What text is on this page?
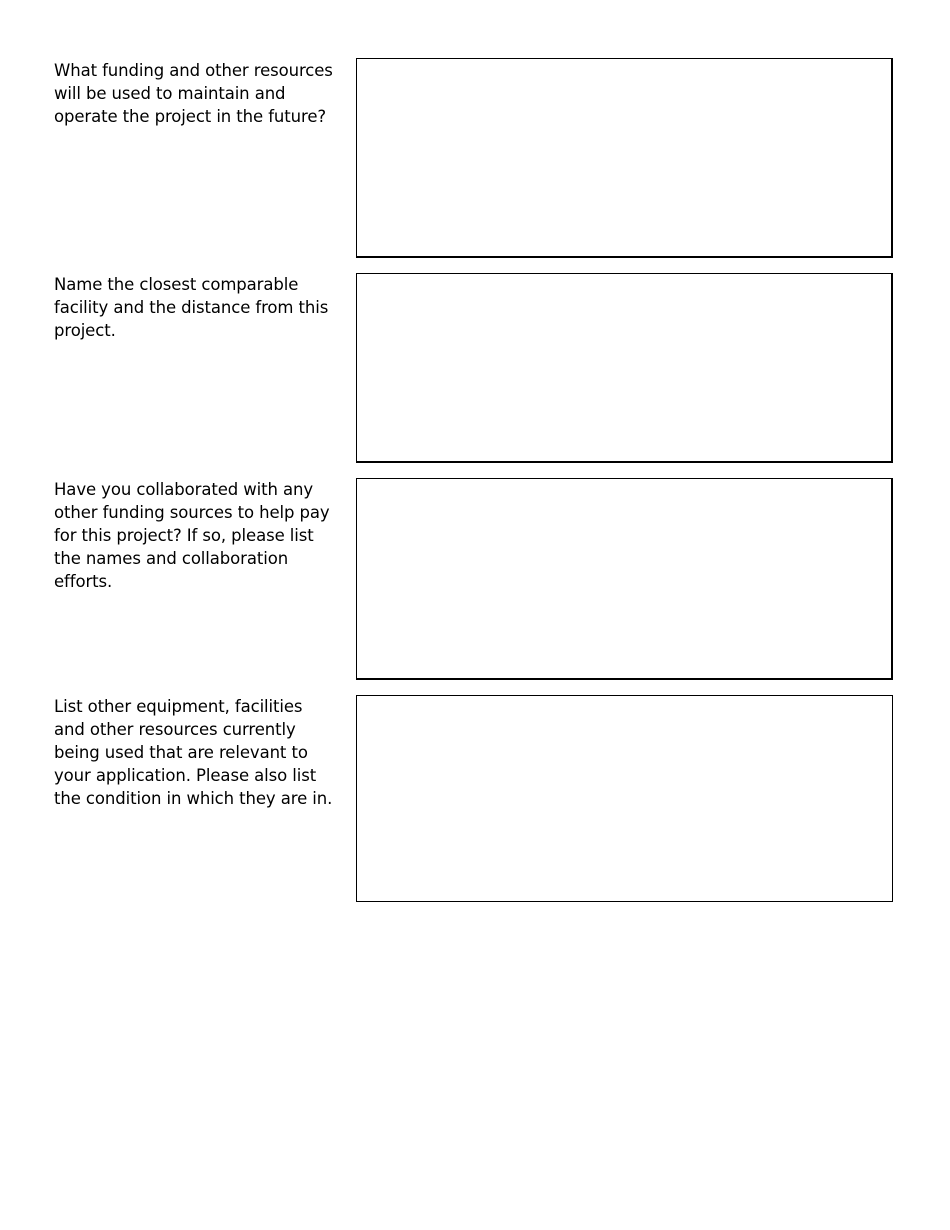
What funding and other resources
will be used to maintain and
operate the project in the future?
Name the closest comparable
facility and the distance from this
project.
Have you collaborated with any
other funding sources to help pay
for this project? If so, please list
the names and collaboration
efforts.
List other equipment, facilities
and other resources currently
being used that are relevant to
your application. Please also list
the condition in which they are in.
